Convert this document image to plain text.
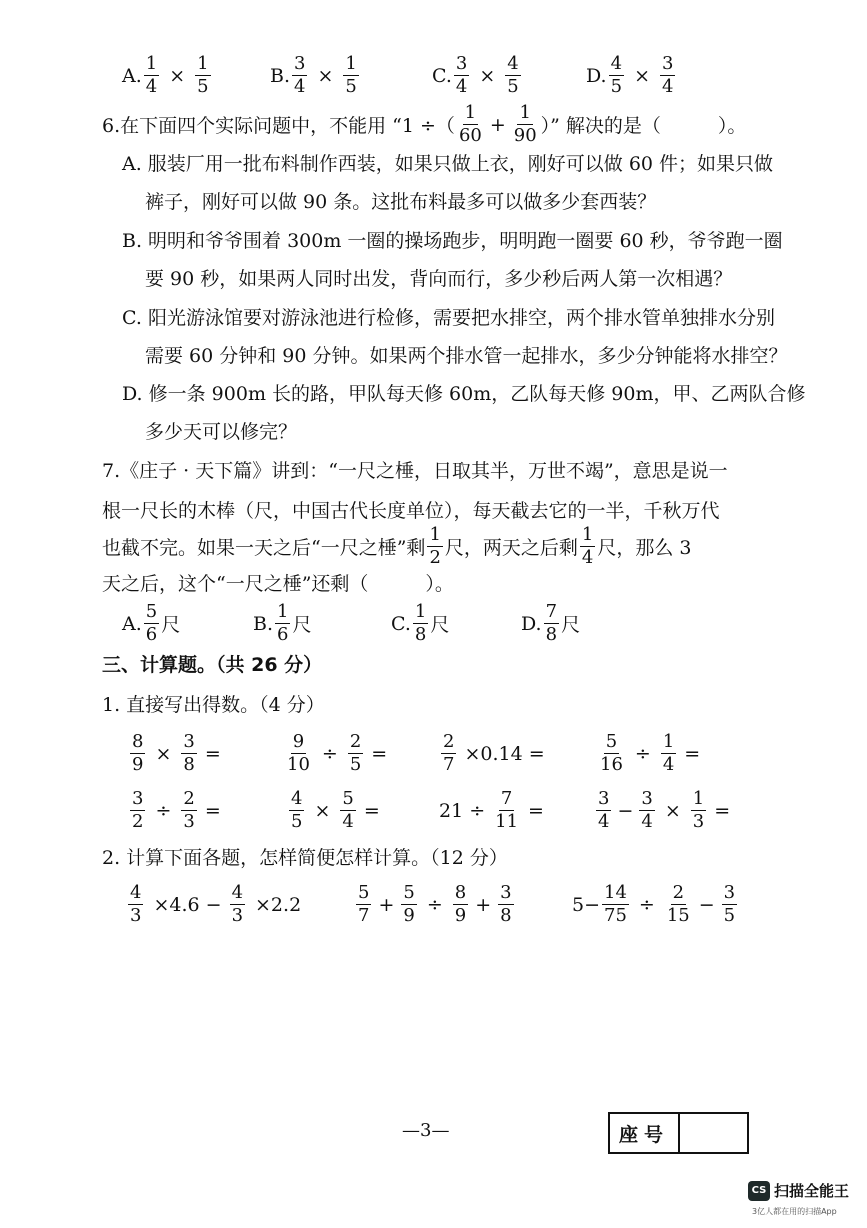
A. $\frac{1}{4} \times \frac{1}{5}$	B. $\frac{3}{4} \times \frac{1}{5}$	C. $\frac{3}{4} \times \frac{4}{5}$	D. $\frac{4}{5} \times \frac{3}{4}$
6.在下面四个实际问题中，不能用 “1 ÷（ $\frac{1}{60} + \frac{1}{90}$ ）” 解决的是（　　　）。
A. 服装厂用一批布料制作西装，如果只做上衣，刚好可以做 60 件；如果只做
裤子，刚好可以做 90 条。这批布料最多可以做多少套西装？
B. 明明和爷爷围着 300m 一圈的操场跑步，明明跑一圈要 60 秒，爷爷跑一圈
要 90 秒，如果两人同时出发，背向而行，多少秒后两人第一次相遇？
C. 阳光游泳馆要对游泳池进行检修，需要把水排空，两个排水管单独排水分别
需要 60 分钟和 90 分钟。如果两个排水管一起排水，多少分钟能将水排空？
D. 修一条 900m 长的路，甲队每天修 60m，乙队每天修 90m，甲、乙两队合修
多少天可以修完？
7.《庄子 · 天下篇》讲到：“一尺之棰，日取其半，万世不竭”，意思是说一
根一尺长的木棒（尺，中国古代长度单位），每天截去它的一半，千秋万代
也截不完。如果一天之后“一尺之棰”剩 $\frac{1}{2}$ 尺，两天之后剩 $\frac{1}{4}$ 尺，那么 3
天之后，这个“一尺之棰”还剩（　　　）。
A. $\frac{5}{6}$ 尺	B. $\frac{1}{6}$ 尺	C. $\frac{1}{8}$ 尺	D. $\frac{7}{8}$ 尺
三、计算题。（共 26 分）
1. 直接写出得数。（4 分）
$\frac{8}{9} \times \frac{3}{8}$ =	$\frac{9}{10} \div \frac{2}{5}$ =	$\frac{2}{7} \times 0.14$ =	$\frac{5}{16} \div \frac{1}{4}$ =
$\frac{3}{2} \div \frac{2}{3}$ =	$\frac{4}{5} \times \frac{5}{4}$ =	$21 \div \frac{7}{11}$ =	$\frac{3}{4} - \frac{3}{4} \times \frac{1}{3}$ =
2. 计算下面各题，怎样简便怎样计算。（12 分）
$\frac{4}{3} \times 4.6 - \frac{4}{3} \times 2.2$	$\frac{5}{7} + \frac{5}{9} \div \frac{8}{9} + \frac{3}{8}$	$5- \frac{14}{75} \div \frac{2}{15} - \frac{3}{5}$
—3—	座号
CS 扫描全能王
3亿人都在用的扫描App
